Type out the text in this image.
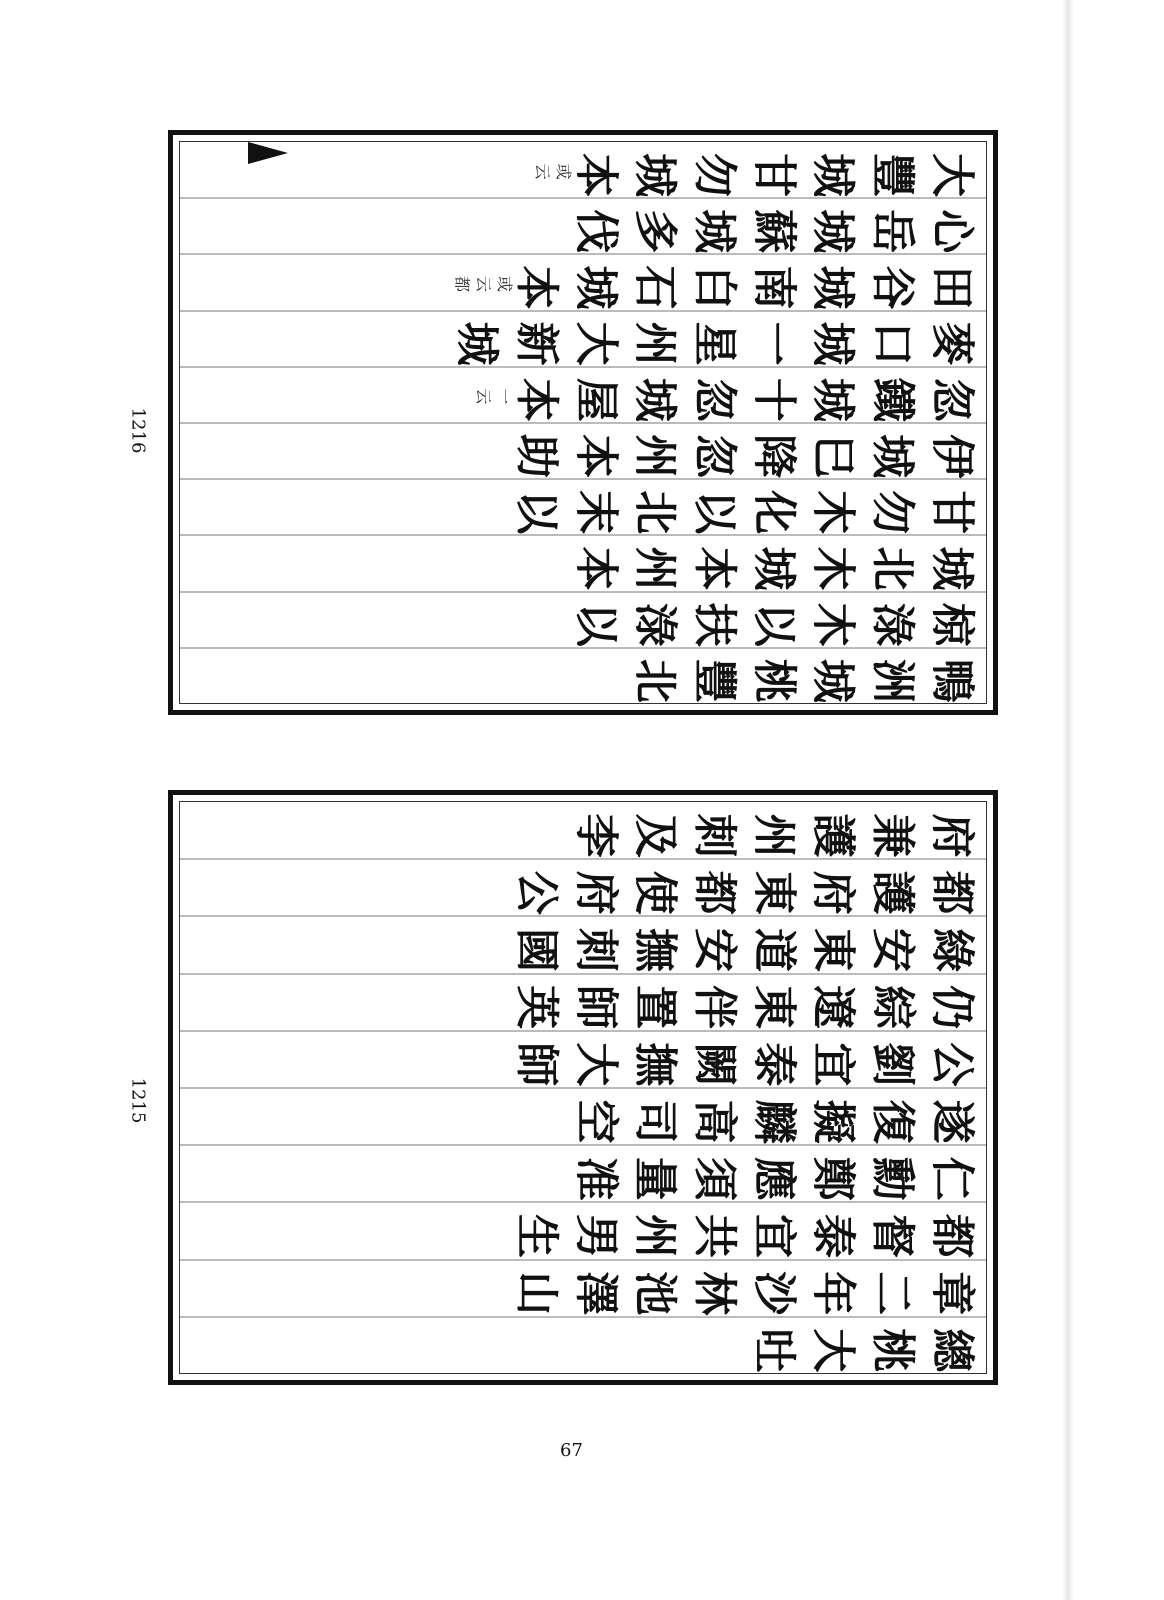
1216
1215
67
鴨 洲 城 桃 豐 北
椋 淥 木 以 扶 淥 以
城 北 木 城 本 州 本
甘 勿 木 化 以 北 末 以
伊 城 巳 降 忽 州 本 助
忽 鐵 城 十 忽 城 屋 本
一 云
麥 口 城 一 星 州 大 新 城
田 谷 城 南 白 石 城 本
或 云 都
心 岳 城 蘇 城 多 伐
大 豐 城 甘 勿 城 本
或 云
總 桃 大 吐
章 二 年 沙 林 池 澤 山
都 督 泰 宜 共 州 男 生
仁 勳 鄭 應 須 量 准
遂 復 擬 麟 高 司 空
公 劉 宜 泰 闕 撫 大 師
仍 綜 遼 東 伴 置 師 英
綠 安 東 道 安 撫 刺 國
都 護 府 東 都 使 府 公
府 兼 護 州 刺 及 李
